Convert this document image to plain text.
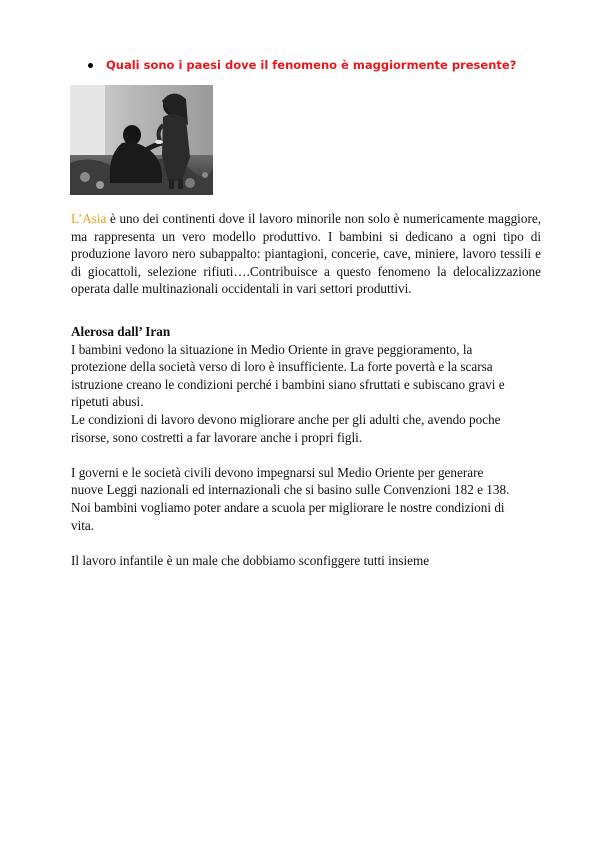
Quali sono i paesi dove il fenomeno è maggiormente presente?

L’Asia è uno dei continenti dove il lavoro minorile non solo è numericamente maggiore, ma rappresenta un vero modello produttivo. I bambini si dedicano a ogni tipo di produzione lavoro nero subappalto: piantagioni, concerie, cave, miniere, lavoro tessili e di giocattoli, selezione rifiuti….Contribuisce a questo fenomeno la delocalizzazione operata dalle multinazionali occidentali in vari settori produttivi.

Alerosa dall’ Iran

I bambini vedono la situazione in Medio Oriente in grave peggioramento, la

protezione della società verso di loro è insufficiente. La forte povertà e la scarsa

istruzione creano le condizioni perché i bambini siano sfruttati e subiscano gravi e

ripetuti abusi.

Le condizioni di lavoro devono migliorare anche per gli adulti che, avendo poche

risorse, sono costretti a far lavorare anche i propri figli.

I governi e le società civili devono impegnarsi sul Medio Oriente per generare

nuove Leggi nazionali ed internazionali che si basino sulle Convenzioni 182 e 138.

Noi bambini vogliamo poter andare a scuola per migliorare le nostre condizioni di

vita.

Il lavoro infantile è un male che dobbiamo sconfiggere tutti insieme
